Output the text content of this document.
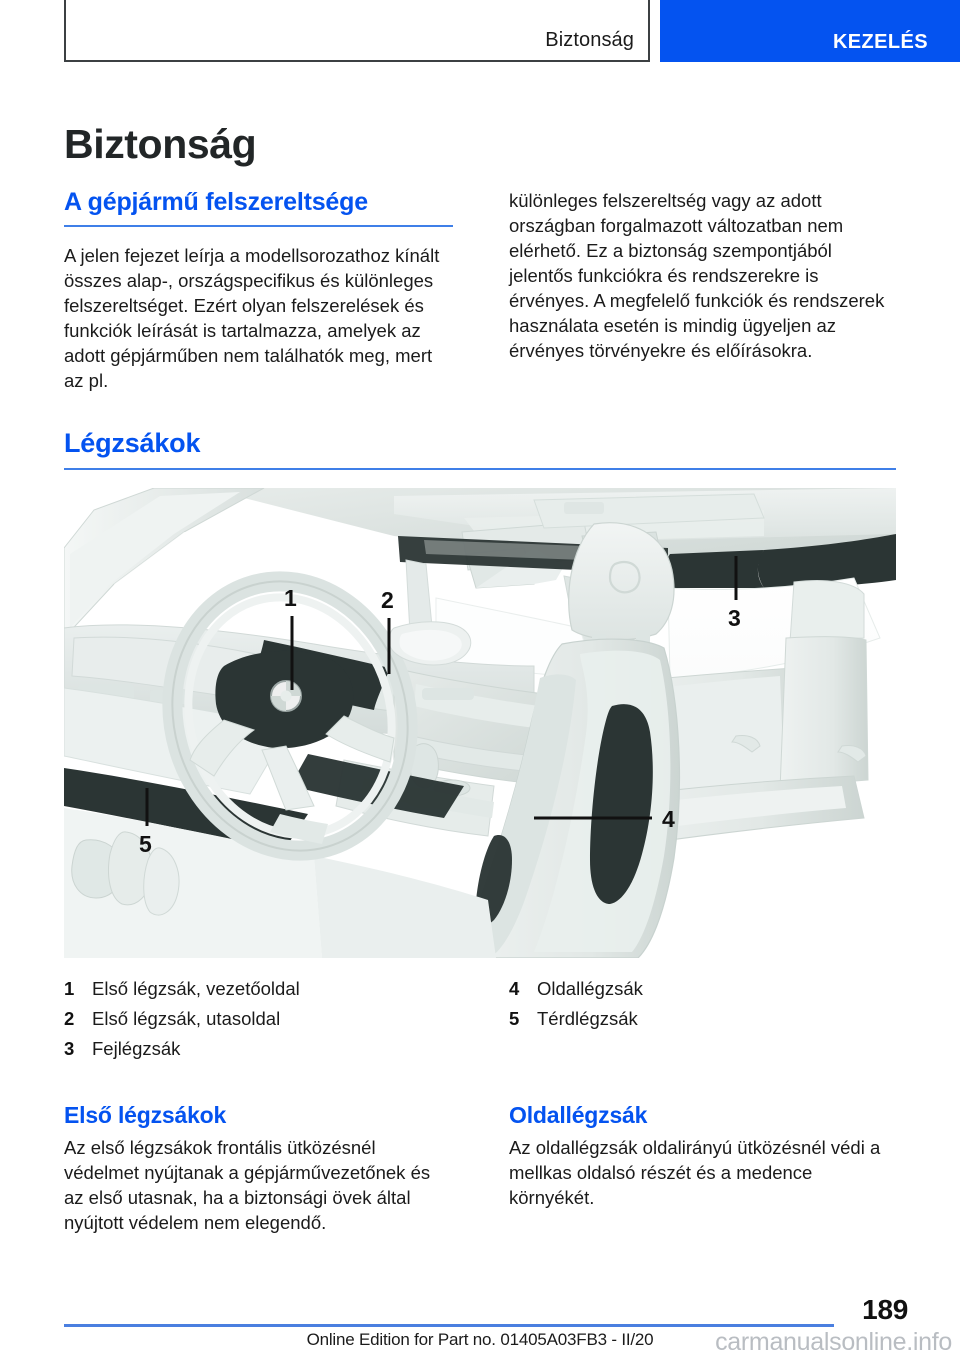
Biztonság	KEZELÉS
Biztonság
A gépjármű felszereltsége

A jelen fejezet leírja a modellsorozathoz kínált összes alap-, országspecifikus és különleges felszereltséget. Ezért olyan felszerelések és funkciók leírását is tartalmazza, amelyek az adott gépjárműben nem találhatók meg, mert az pl.

különleges felszereltség vagy az adott országban forgalmazott változatban nem elérhető. Ez a biztonság szempontjából jelentős funkciókra és rendszerekre is érvényes. A megfelelő funkciók és rendszerek használata esetén is mindig ügyeljen az érvényes törvényekre és előírásokra.

Légzsákok
1	2
3
4
5
1 Első légzsák, vezetőoldal
2 Első légzsák, utasoldal
3 Fejlégzsák
4 Oldallégzsák
5 Térdlégzsák
Első légzsákok

Az első légzsákok frontális ütközésnél védelmet nyújtanak a gépjárművezetőnek és az első utasnak, ha a biztonsági övek által nyújtott védelem nem elegendő.

Oldallégzsák

Az oldallégzsák oldalirányú ütközésnél védi a mellkas oldalsó részét és a medence környékét.

189
Online Edition for Part no. 01405A03FB3 - II/20	carmanualsonline.info
